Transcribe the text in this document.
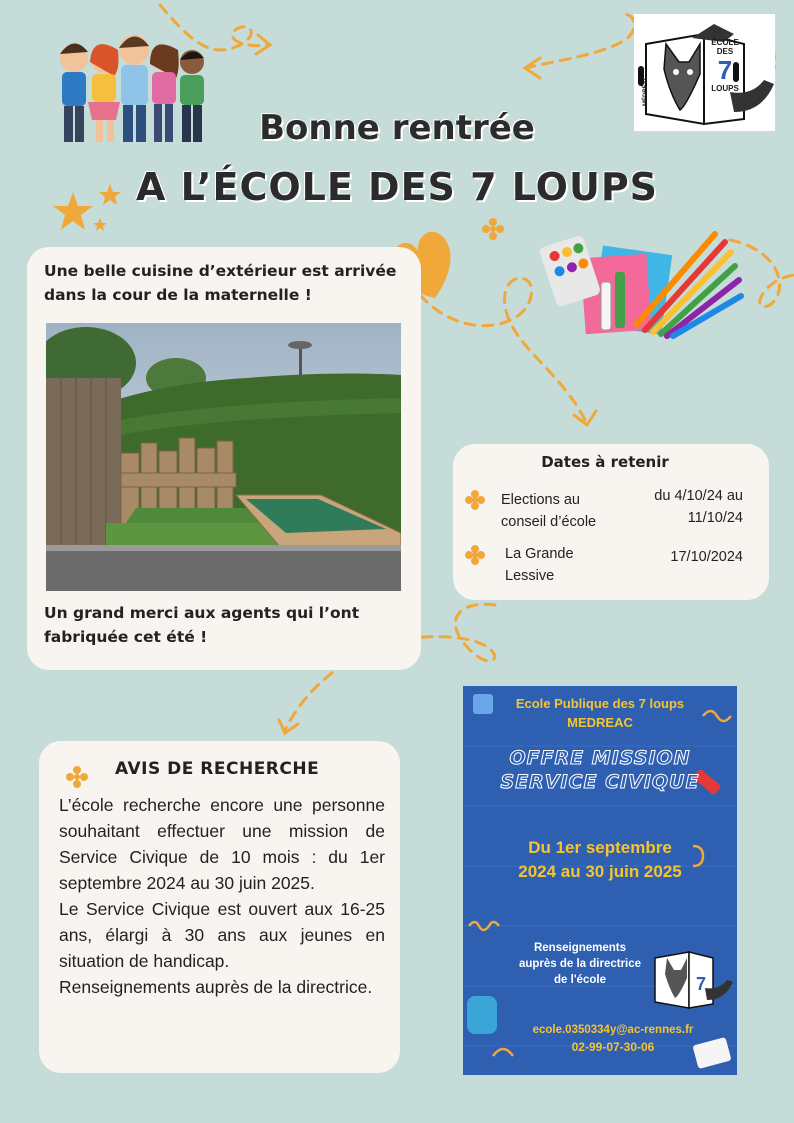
ÉCOLE
DES
7
LOUPS
MÉDRÉAC
Bonne rentrée
A L’ÉCOLE DES 7 LOUPS
Une belle cuisine d’extérieur est arrivée dans la cour de la maternelle !
Un grand merci aux agents qui l’ont fabriquée cet été !
Dates à retenir
Elections au conseil d’école
du 4/10/24 au 11/10/24
La Grande Lessive
17/10/2024
AVIS DE RECHERCHE
L’école recherche encore une personne souhaitant effectuer une mission de Service Civique de 10 mois : du 1er septembre 2024 au 30 juin 2025.
Le Service Civique est ouvert aux 16-25 ans, élargi à 30 ans aux jeunes en situation de handicap.
Renseignements auprès de la directrice.
Ecole Publique des 7 loups MEDREAC
OFFRE MISSION SERVICE CIVIQUE
Du 1er septembre 2024 au 30 juin 2025
Renseignements auprès de la directrice de l'école	7
ecole.0350334y@ac-rennes.fr
02-99-07-30-06
